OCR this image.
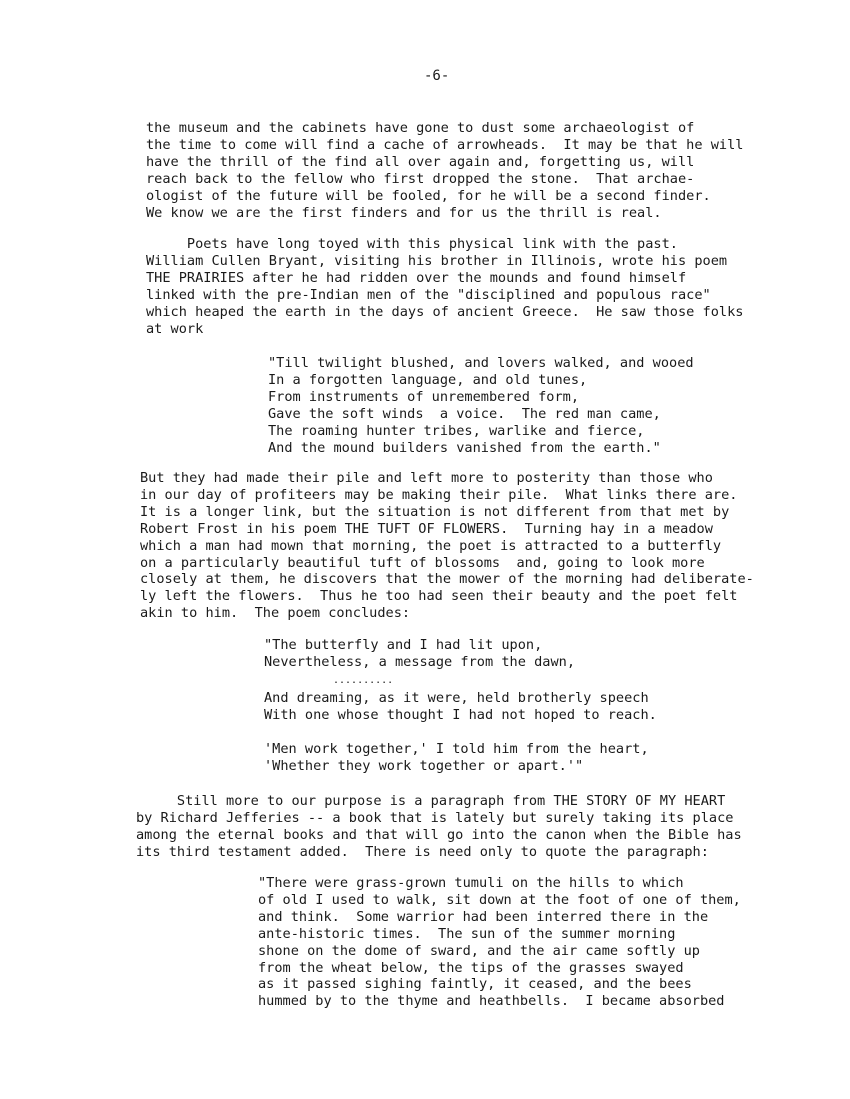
-6-
the museum and the cabinets have gone to dust some archaeologist of
the time to come will find a cache of arrowheads.  It may be that he will
have the thrill of the find all over again and, forgetting us, will
reach back to the fellow who first dropped the stone.  That archae-
ologist of the future will be fooled, for he will be a second finder.
We know we are the first finders and for us the thrill is real.
Poets have long toyed with this physical link with the past.
William Cullen Bryant, visiting his brother in Illinois, wrote his poem
THE PRAIRIES after he had ridden over the mounds and found himself
linked with the pre-Indian men of the "disciplined and populous race"
which heaped the earth in the days of ancient Greece.  He saw those folks
at work
"Till twilight blushed, and lovers walked, and wooed
In a forgotten language, and old tunes,
From instruments of unremembered form,
Gave the soft winds  a voice.  The red man came,
The roaming hunter tribes, warlike and fierce,
And the mound builders vanished from the earth."
But they had made their pile and left more to posterity than those who
in our day of profiteers may be making their pile.  What links there are.
It is a longer link, but the situation is not different from that met by
Robert Frost in his poem THE TUFT OF FLOWERS.  Turning hay in a meadow
which a man had mown that morning, the poet is attracted to a butterfly
on a particularly beautiful tuft of blossoms  and, going to look more
closely at them, he discovers that the mower of the morning had deliberate-
ly left the flowers.  Thus he too had seen their beauty and the poet felt
akin to him.  The poem concludes:
"The butterfly and I had lit upon,
Nevertheless, a message from the dawn,
..........
And dreaming, as it were, held brotherly speech
With one whose thought I had not hoped to reach.
'Men work together,' I told him from the heart,
'Whether they work together or apart.'"
Still more to our purpose is a paragraph from THE STORY OF MY HEART
by Richard Jefferies -- a book that is lately but surely taking its place
among the eternal books and that will go into the canon when the Bible has
its third testament added.  There is need only to quote the paragraph:
"There were grass-grown tumuli on the hills to which
of old I used to walk, sit down at the foot of one of them,
and think.  Some warrior had been interred there in the
ante-historic times.  The sun of the summer morning
shone on the dome of sward, and the air came softly up
from the wheat below, the tips of the grasses swayed
as it passed sighing faintly, it ceased, and the bees
hummed by to the thyme and heathbells.  I became absorbed
